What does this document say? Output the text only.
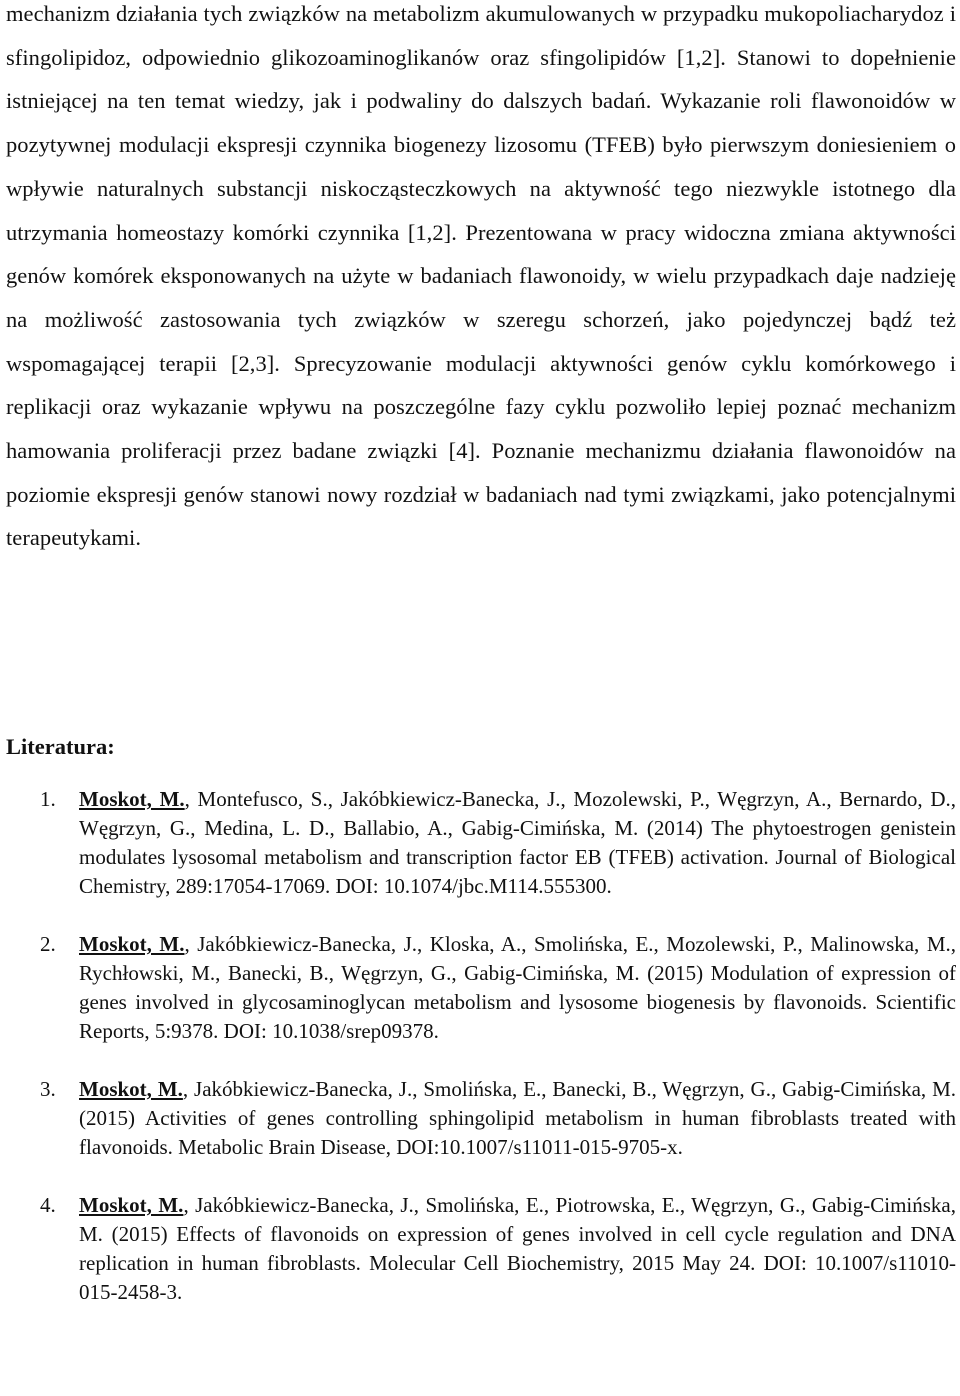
mechanizm działania tych związków na metabolizm akumulowanych w przypadku mukopoliacharydoz i sfingolipidoz, odpowiednio glikozoaminoglikanów oraz sfingolipidów [1,2]. Stanowi to dopełnienie istniejącej na ten temat wiedzy, jak i podwaliny do dalszych badań. Wykazanie roli flawonoidów w pozytywnej modulacji ekspresji czynnika biogenezy lizosomu (TFEB) było pierwszym doniesieniem o wpływie naturalnych substancji niskocząsteczkowych na aktywność tego niezwykle istotnego dla utrzymania homeostazy komórki czynnika [1,2]. Prezentowana w pracy widoczna zmiana aktywności genów komórek eksponowanych na użyte w badaniach flawonoidy, w wielu przypadkach daje nadzieję na możliwość zastosowania tych związków w szeregu schorzeń, jako pojedynczej bądź też wspomagającej terapii [2,3]. Sprecyzowanie modulacji aktywności genów cyklu komórkowego i replikacji oraz wykazanie wpływu na poszczególne fazy cyklu pozwoliło lepiej poznać mechanizm hamowania proliferacji przez badane związki [4]. Poznanie mechanizmu działania flawonoidów na poziomie ekspresji genów stanowi nowy rozdział w badaniach nad tymi związkami, jako potencjalnymi terapeutykami.

Literatura:
1. Moskot, M., Montefusco, S., Jakóbkiewicz-Banecka, J., Mozolewski, P., Węgrzyn, A., Bernardo, D., Węgrzyn, G., Medina, L. D., Ballabio, A., Gabig-Cimińska, M. (2014) The phytoestrogen genistein modulates lysosomal metabolism and transcription factor EB (TFEB) activation. Journal of Biological Chemistry, 289:17054-17069. DOI: 10.1074/jbc.M114.555300.
2. Moskot, M., Jakóbkiewicz-Banecka, J., Kloska, A., Smolińska, E., Mozolewski, P., Malinowska, M., Rychłowski, M., Banecki, B., Węgrzyn, G., Gabig-Cimińska, M. (2015) Modulation of expression of genes involved in glycosaminoglycan metabolism and lysosome biogenesis by flavonoids. Scientific Reports, 5:9378. DOI: 10.1038/srep09378.
3. Moskot, M., Jakóbkiewicz-Banecka, J., Smolińska, E., Banecki, B., Węgrzyn, G., Gabig-Cimińska, M. (2015) Activities of genes controlling sphingolipid metabolism in human fibroblasts treated with flavonoids. Metabolic Brain Disease, DOI:10.1007/s11011-015-9705-x.
4. Moskot, M., Jakóbkiewicz-Banecka, J., Smolińska, E., Piotrowska, E., Węgrzyn, G., Gabig-Cimińska, M. (2015) Effects of flavonoids on expression of genes involved in cell cycle regulation and DNA replication in human fibroblasts. Molecular Cell Biochemistry, 2015 May 24. DOI: 10.1007/s11010-015-2458-3.
